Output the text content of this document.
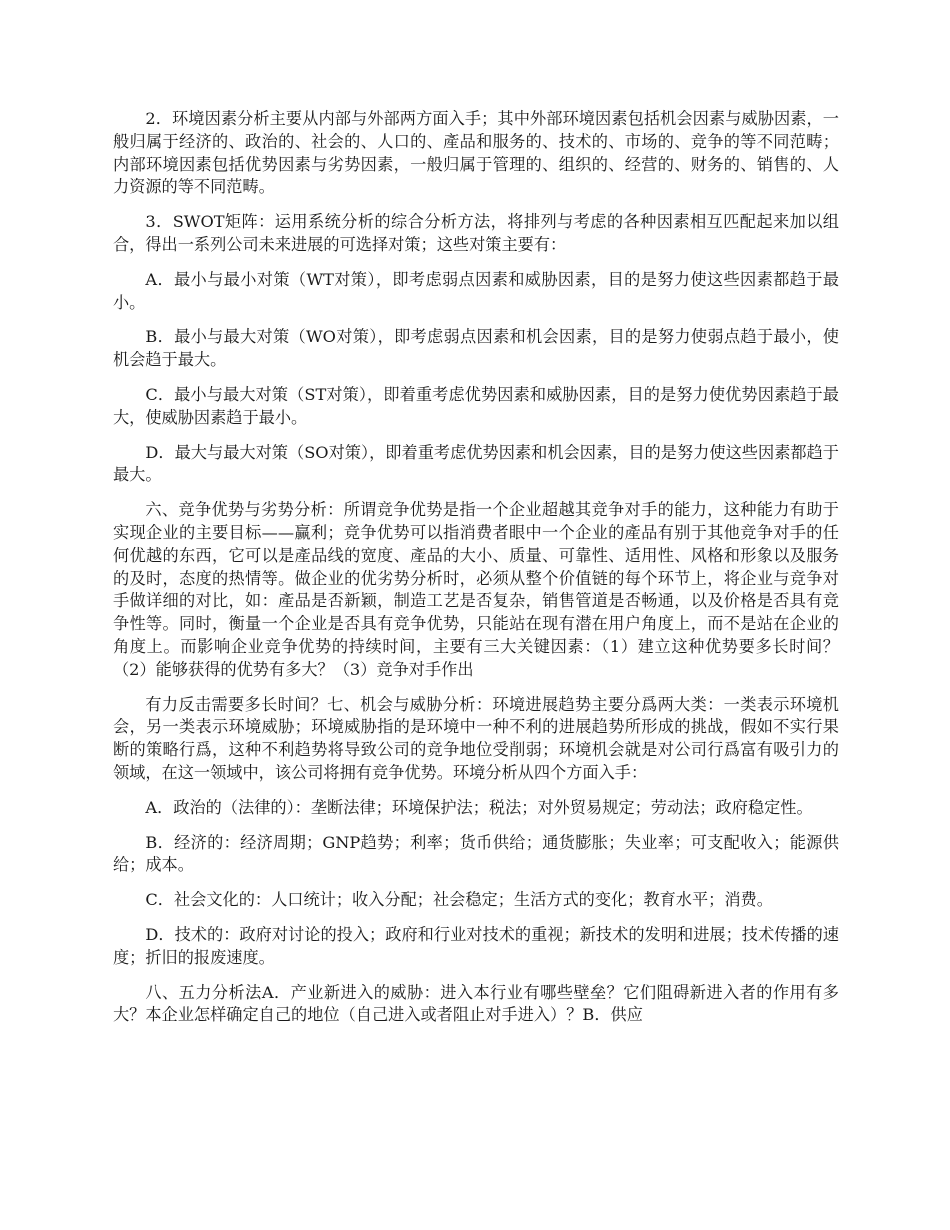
2．环境因素分析主要从内部与外部两方面入手；其中外部环境因素包括机会因素与威胁因素，一般归属于经济的、政治的、社会的、人口的、產品和服务的、技术的、市场的、竞争的等不同范畴；内部环境因素包括优势因素与劣势因素，一般归属于管理的、组织的、经营的、财务的、销售的、人力资源的等不同范畴。

3．SWOT矩阵：运用系统分析的综合分析方法，将排列与考虑的各种因素相互匹配起来加以组合，得出一系列公司未来进展的可选择对策；这些对策主要有：

A．最小与最小对策（WT对策），即考虑弱点因素和威胁因素，目的是努力使这些因素都趋于最小。

B．最小与最大对策（WO对策），即考虑弱点因素和机会因素，目的是努力使弱点趋于最小，使机会趋于最大。

C．最小与最大对策（ST对策），即着重考虑优势因素和威胁因素，目的是努力使优势因素趋于最大，使威胁因素趋于最小。

D．最大与最大对策（SO对策），即着重考虑优势因素和机会因素，目的是努力使这些因素都趋于最大。

六、竞争优势与劣势分析：所谓竞争优势是指一个企业超越其竞争对手的能力，这种能力有助于实现企业的主要目标——赢利；竞争优势可以指消费者眼中一个企业的產品有别于其他竞争对手的任何优越的东西，它可以是產品线的宽度、產品的大小、质量、可靠性、适用性、风格和形象以及服务的及时，态度的热情等。做企业的优劣势分析时，必须从整个价值链的每个环节上，将企业与竞争对手做详细的对比，如：產品是否新颖，制造工艺是否复杂，销售管道是否畅通，以及价格是否具有竞争性等。同时，衡量一个企业是否具有竞争优势，只能站在现有潜在用户角度上，而不是站在企业的角度上。而影响企业竞争优势的持续时间，主要有三大关键因素：（1）建立这种优势要多长时间？（2）能够获得的优势有多大？（3）竞争对手作出

有力反击需要多长时间？七、机会与威胁分析：环境进展趋势主要分爲两大类：一类表示环境机会，另一类表示环境威胁；环境威胁指的是环境中一种不利的进展趋势所形成的挑战，假如不实行果断的策略行爲，这种不利趋势将导致公司的竞争地位受削弱；环境机会就是对公司行爲富有吸引力的领域，在这一领域中，该公司将拥有竞争优势。环境分析从四个方面入手：

A．政治的（法律的）：垄断法律；环境保护法；税法；对外贸易规定；劳动法；政府稳定性。

B．经济的：经济周期；GNP趋势；利率；货币供给；通货膨胀；失业率；可支配收入；能源供给；成本。

C．社会文化的：人口统计；收入分配；社会稳定；生活方式的变化；教育水平；消费。

D．技术的：政府对讨论的投入；政府和行业对技术的重视；新技术的发明和进展；技术传播的速度；折旧的报废速度。

八、五力分析法A．产业新进入的威胁：进入本行业有哪些壁垒？它们阻碍新进入者的作用有多大？本企业怎样确定自己的地位（自己进入或者阻止对手进入）？B．供应
